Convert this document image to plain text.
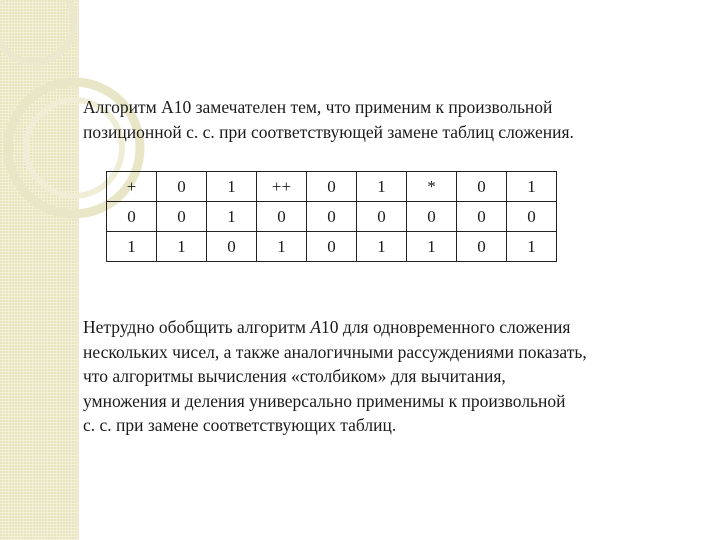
Алгоритм А10 замечателен тем, что применим к произвольной
позиционной с. с. при соответствующей замене таблиц сложения.

+	0	1	++	0	1	*	0	1
0	0	1	0	0	0	0	0	0
1	1	0	1	0	1	1	0	1

Нетрудно обобщить алгоритм А10 для одновременного сложения
нескольких чисел, а также аналогичными рассуждениями показать,
что алгоритмы вычисления «столбиком» для вычитания,
умножения и деления универсально применимы к произвольной
с. с. при замене соответствующих таблиц.
